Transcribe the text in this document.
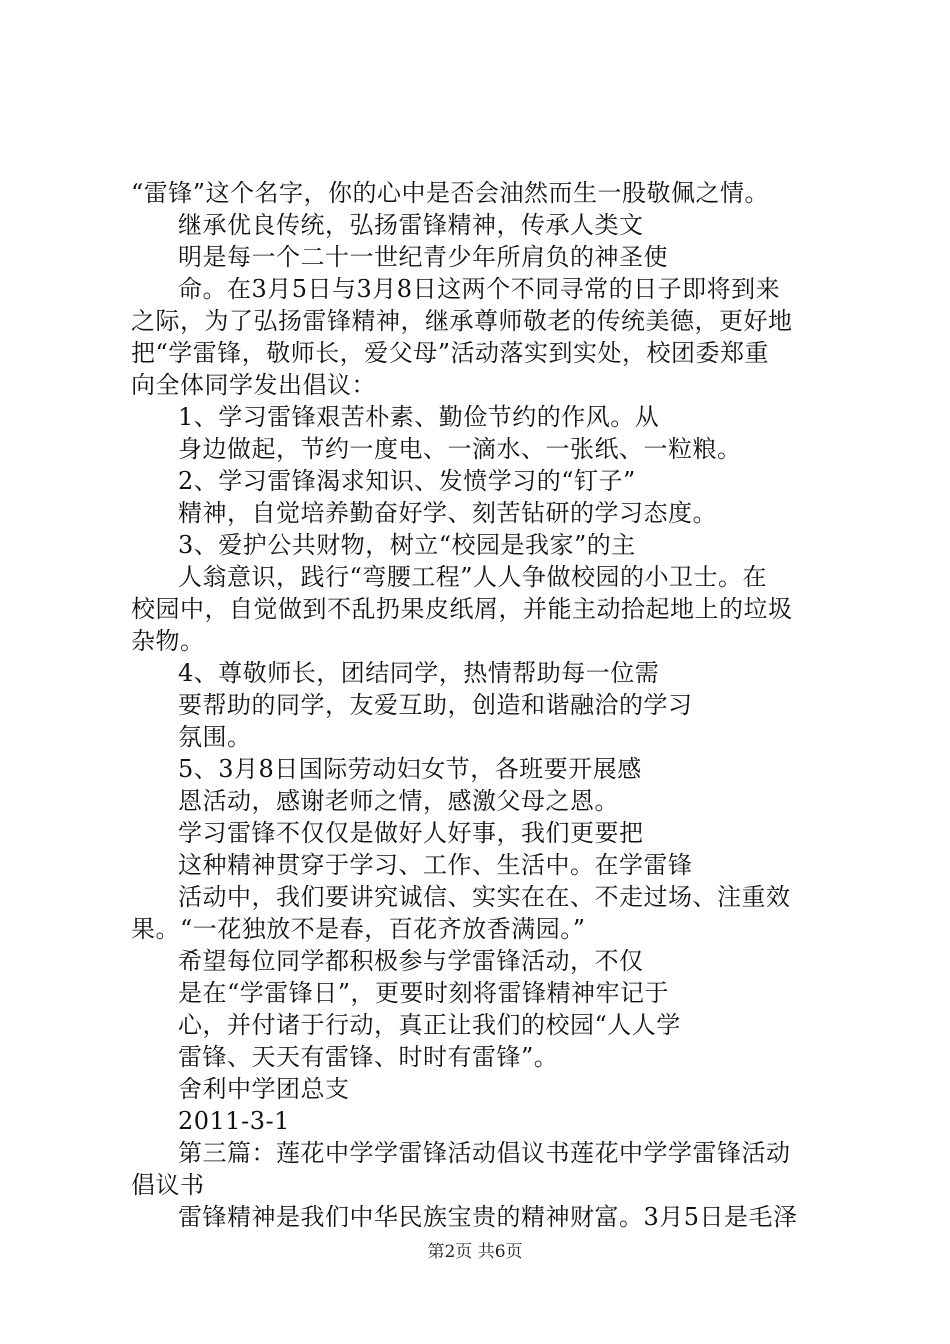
“雷锋”这个名字，你的心中是否会油然而生一股敬佩之情。
继承优良传统，弘扬雷锋精神，传承人类文
明是每一个二十一世纪青少年所肩负的神圣使
命。在3月5日与3月8日这两个不同寻常的日子即将到来
之际，为了弘扬雷锋精神，继承尊师敬老的传统美德，更好地
把“学雷锋，敬师长，爱父母”活动落实到实处，校团委郑重
向全体同学发出倡议：
1、学习雷锋艰苦朴素、勤俭节约的作风。从
身边做起，节约一度电、一滴水、一张纸、一粒粮。
2、学习雷锋渴求知识、发愤学习的“钉子”
精神，自觉培养勤奋好学、刻苦钻研的学习态度。
3、爱护公共财物，树立“校园是我家”的主
人翁意识，践行“弯腰工程”人人争做校园的小卫士。在
校园中，自觉做到不乱扔果皮纸屑，并能主动拾起地上的垃圾
杂物。
4、尊敬师长，团结同学，热情帮助每一位需
要帮助的同学，友爱互助，创造和谐融洽的学习
氛围。
5、3月8日国际劳动妇女节，各班要开展感
恩活动，感谢老师之情，感激父母之恩。
学习雷锋不仅仅是做好人好事，我们更要把
这种精神贯穿于学习、工作、生活中。在学雷锋
活动中，我们要讲究诚信、实实在在、不走过场、注重效
果。“一花独放不是春，百花齐放香满园。”
希望每位同学都积极参与学雷锋活动，不仅
是在“学雷锋日”，更要时刻将雷锋精神牢记于
心，并付诸于行动，真正让我们的校园“人人学
雷锋、天天有雷锋、时时有雷锋”。
舍利中学团总支
2011-3-1
第三篇：莲花中学学雷锋活动倡议书莲花中学学雷锋活动
倡议书
雷锋精神是我们中华民族宝贵的精神财富。3月5日是毛泽
第2页 共6页
